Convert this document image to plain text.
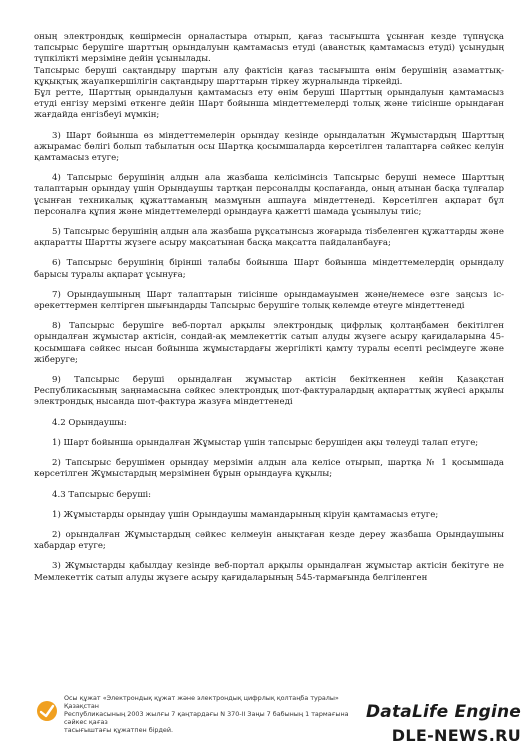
оның электрондық көшірмесін орналастыра отырып, қағаз тасығышта ұсынған кезде түпнұсқа тапсырыс берушіге шарттың орындалуын қамтамасыз етуді (аванстық қамтамасыз етуді) ұсынудың түпкілікті мерзіміне дейін ұсынылады.

Тапсырыс беруші сақтандыру шартын алу фактісін қағаз тасығышта өнім берушінің азаматтық-құқықтық жауапкершілігін сақтандыру шарттарын тіркеу журналында тіркейді.

Бұл ретте, Шарттың орындалуын қамтамасыз ету өнім беруші Шарттың орындалуын қамтамасыз етуді енгізу мерзімі өткенге дейін Шарт бойынша міндеттемелерді толық және тиісінше орындаған жағдайда енгізбеуі мүмкін;

3) Шарт бойынша өз міндеттемелерін орындау кезінде орындалатын Жұмыстардың Шарттың ажырамас бөлігі болып табылатын осы Шартқа қосымшаларда көрсетілген талаптарға сәйкес келуін қамтамасыз етуге;

4) Тапсырыс берушінің алдын ала жазбаша келісімінсіз Тапсырыс беруші немесе Шарттың талаптарын орындау үшін Орындаушы тартқан персоналды қоспағанда, оның атынан басқа тұлғалар ұсынған техникалық құжаттаманың мазмұнын ашпауға міндеттенеді. Көрсетілген ақпарат бұл персоналға құпия және міндеттемелерді орындауға қажетті шамада ұсынылуы тиіс;

5) Тапсырыс берушінің алдын ала жазбаша рұқсатынсыз жоғарыда тізбеленген құжаттарды және ақпаратты Шартты жүзеге асыру мақсатынан басқа мақсатта пайдаланбауға;

6) Тапсырыс берушінің бірінші талабы бойынша Шарт бойынша міндеттемелердің орындалу барысы туралы ақпарат ұсынуға;

7) Орындаушының Шарт талаптарын тиісінше орындамауымен және/немесе өзге заңсыз іс-әрекеттермен келтірген шығындарды Тапсырыс берушіге толық көлемде өтеуге міндеттенеді

8) Тапсырыс берушіге веб-портал арқылы электрондық цифрлық қолтаңбамен бекітілген орындалған жұмыстар актісін, сондай-ақ мемлекеттік сатып алуды жүзеге асыру қағидаларына 45-қосымшаға сәйкес нысан бойынша жұмыстардағы жергілікті қамту туралы есепті ресімдеуге және жіберуге;

9) Тапсырыс беруші орындалған жұмыстар актісін бекіткеннен кейін Қазақстан Республикасының заңнамасына сәйкес электрондық шот-фактуралардың ақпараттық жүйесі арқылы электрондық нысанда шот-фактура жазуға міндеттенеді

4.2 Орындаушы:

1) Шарт бойынша орындалған Жұмыстар үшін тапсырыс берушіден ақы төлеуді талап етуге;

2) Тапсырыс берушімен орындау мерзімін алдын ала келісе отырып, шартқа № 1 қосымшада көрсетілген Жұмыстардың мерзімінен бұрын орындауға құқылы;

4.3 Тапсырыс беруші:

1) Жұмыстарды орындау үшін Орындаушы мамандарының кіруін қамтамасыз етуге;

2) орындалған Жұмыстардың сәйкес келмеуін анықтаған кезде дереу жазбаша Орындаушыны хабардар етуге;

3) Жұмыстарды қабылдау кезінде веб-портал арқылы орындалған жұмыстар актісін бекітуге не Мемлекеттік сатып алуды жүзеге асыру қағидаларының 545-тармағында белгіленген

Осы құжат «Электрондық құжат және электрондық цифрлық қолтаңба туралы» Қазақстан
Республикасының 2003 жылғы 7 қаңтардағы N 370-II Заңы 7 бабының 1 тармағына сәйкес қағаз
тасығыштағы құжатпен бірдей.
DataLife Engine
DLE-NEWS.RU
